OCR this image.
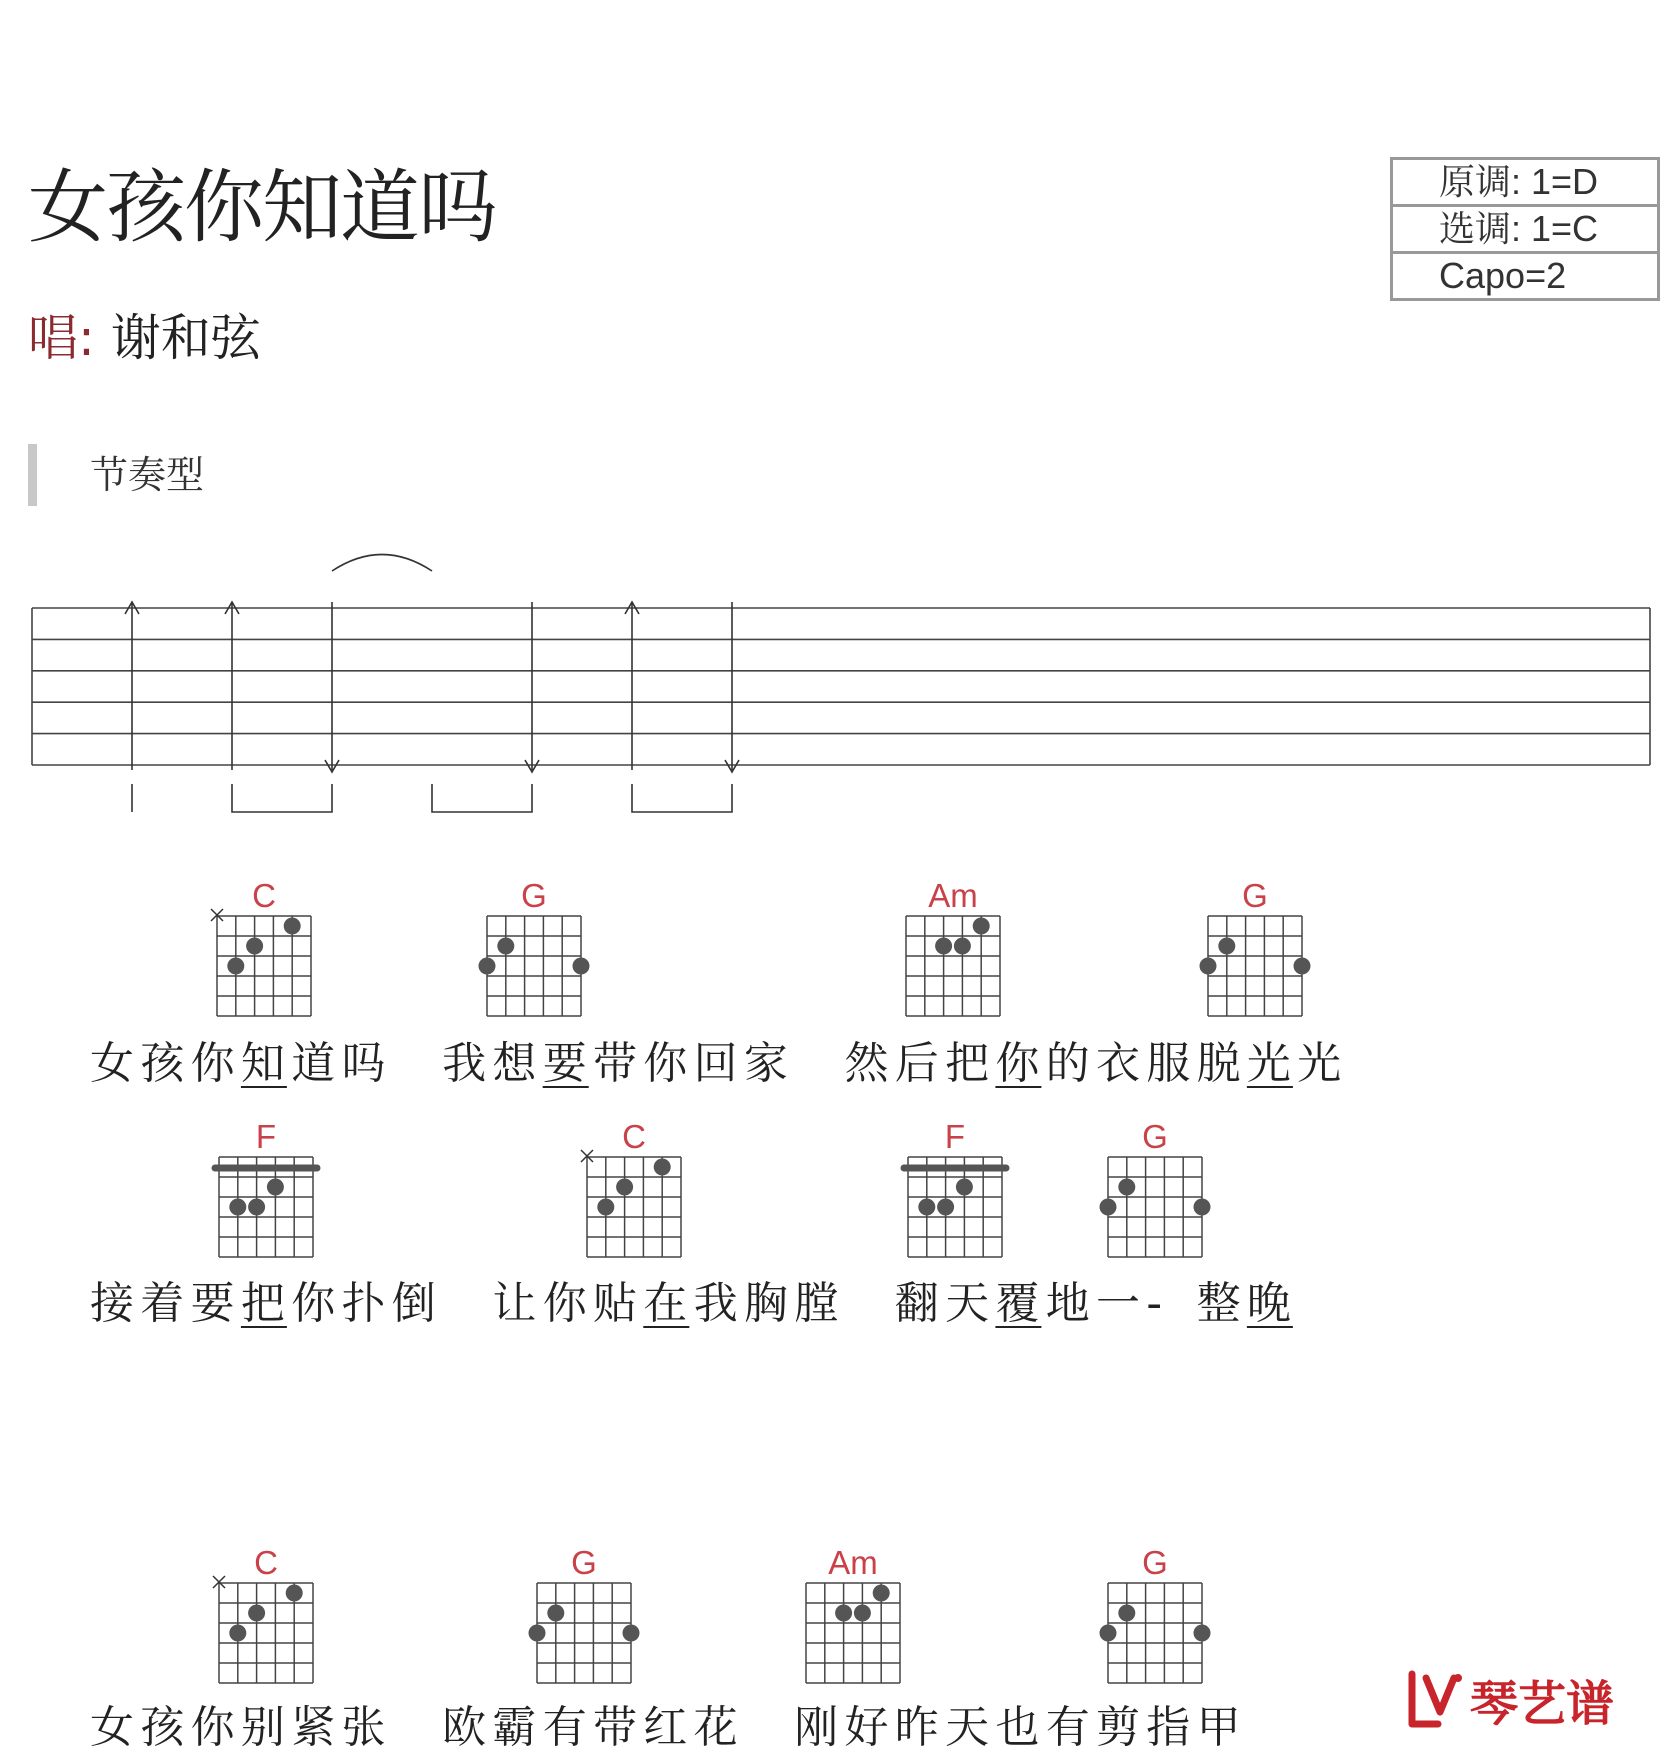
女孩你知道吗
唱: 谢和弦
原调: 1=D
选调: 1=C
Capo=2
节奏型
C	G	Am	G
女 孩 你 知 道 吗 我 想 要 带 你 回 家 然 后 把 你 的 衣 服 脱 光 光
F	C	F	G
接 着 要 把 你 扑 倒 让 你 贴 在 我 胸 膛 翻 天 覆 地 一 - 整 晚
C	G	Am	G
女 孩 你 别 紧 张 欧 霸 有 带 红 花 刚 好 昨 天 也 有 剪 指 甲	琴艺谱
